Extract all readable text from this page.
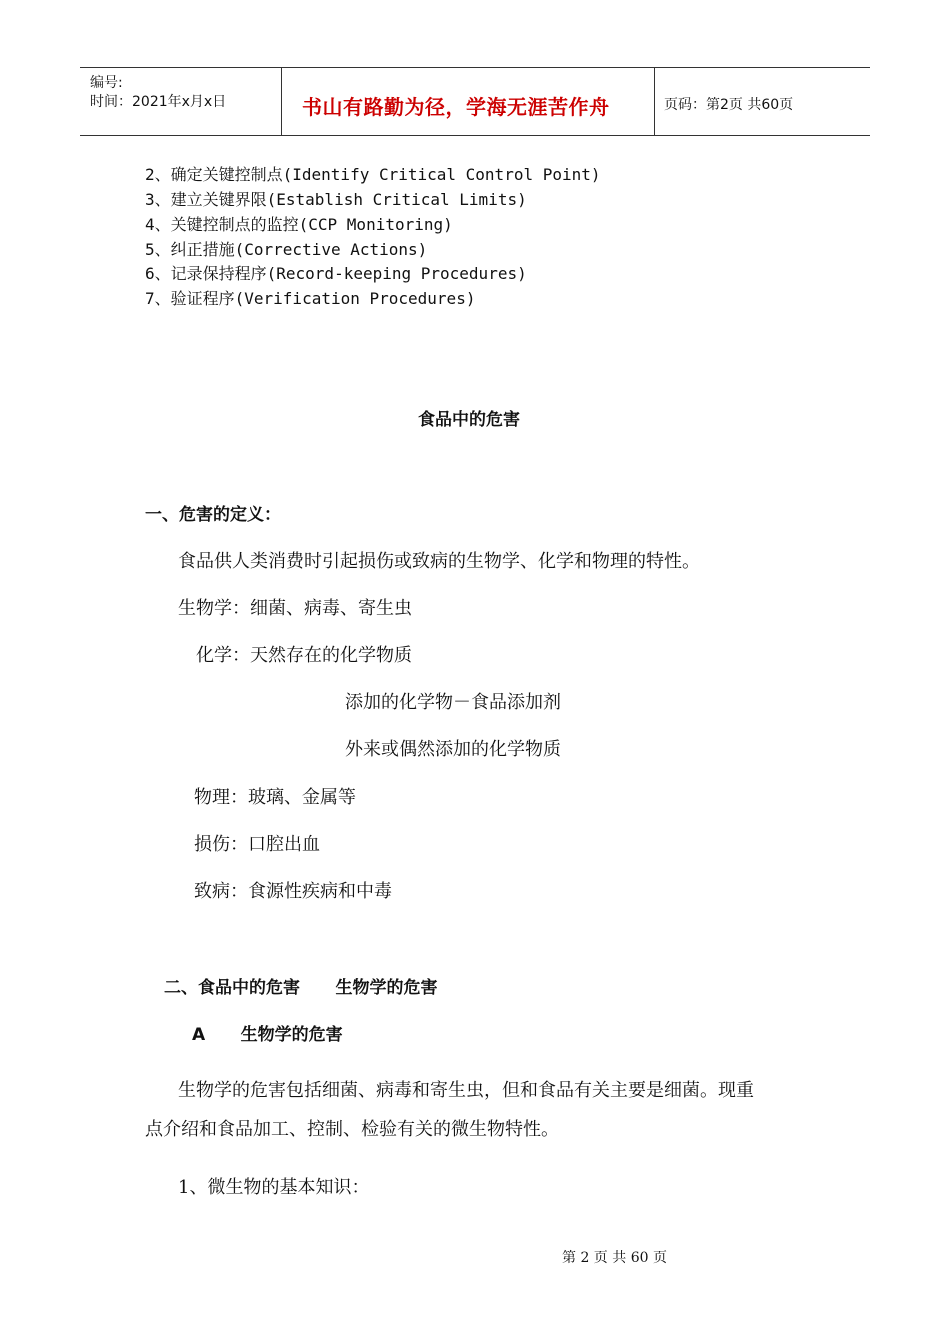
编号:
时间：2021年x月x日	书山有路勤为径，学海无涯苦作舟	页码：第2页 共60页
2、确定关键控制点(Identify Critical Control Point)
3、建立关键界限(Establish Critical Limits)
4、关键控制点的监控(CCP Monitoring)
5、纠正措施(Corrective Actions)
6、记录保持程序(Record-keeping Procedures)
7、验证程序(Verification Procedures)
食品中的危害
一、危害的定义：
食品供人类消费时引起损伤或致病的生物学、化学和物理的特性。
生物学：细菌、病毒、寄生虫
化学：天然存在的化学物质
添加的化学物－食品添加剂
外来或偶然添加的化学物质
物理：玻璃、金属等
损伤：口腔出血
致病：食源性疾病和中毒
二、食品中的危害      生物学的危害
A      生物学的危害
生物学的危害包括细菌、病毒和寄生虫，但和食品有关主要是细菌。现重
点介绍和食品加工、控制、检验有关的微生物特性。
1、微生物的基本知识：
第 2 页 共 60 页
